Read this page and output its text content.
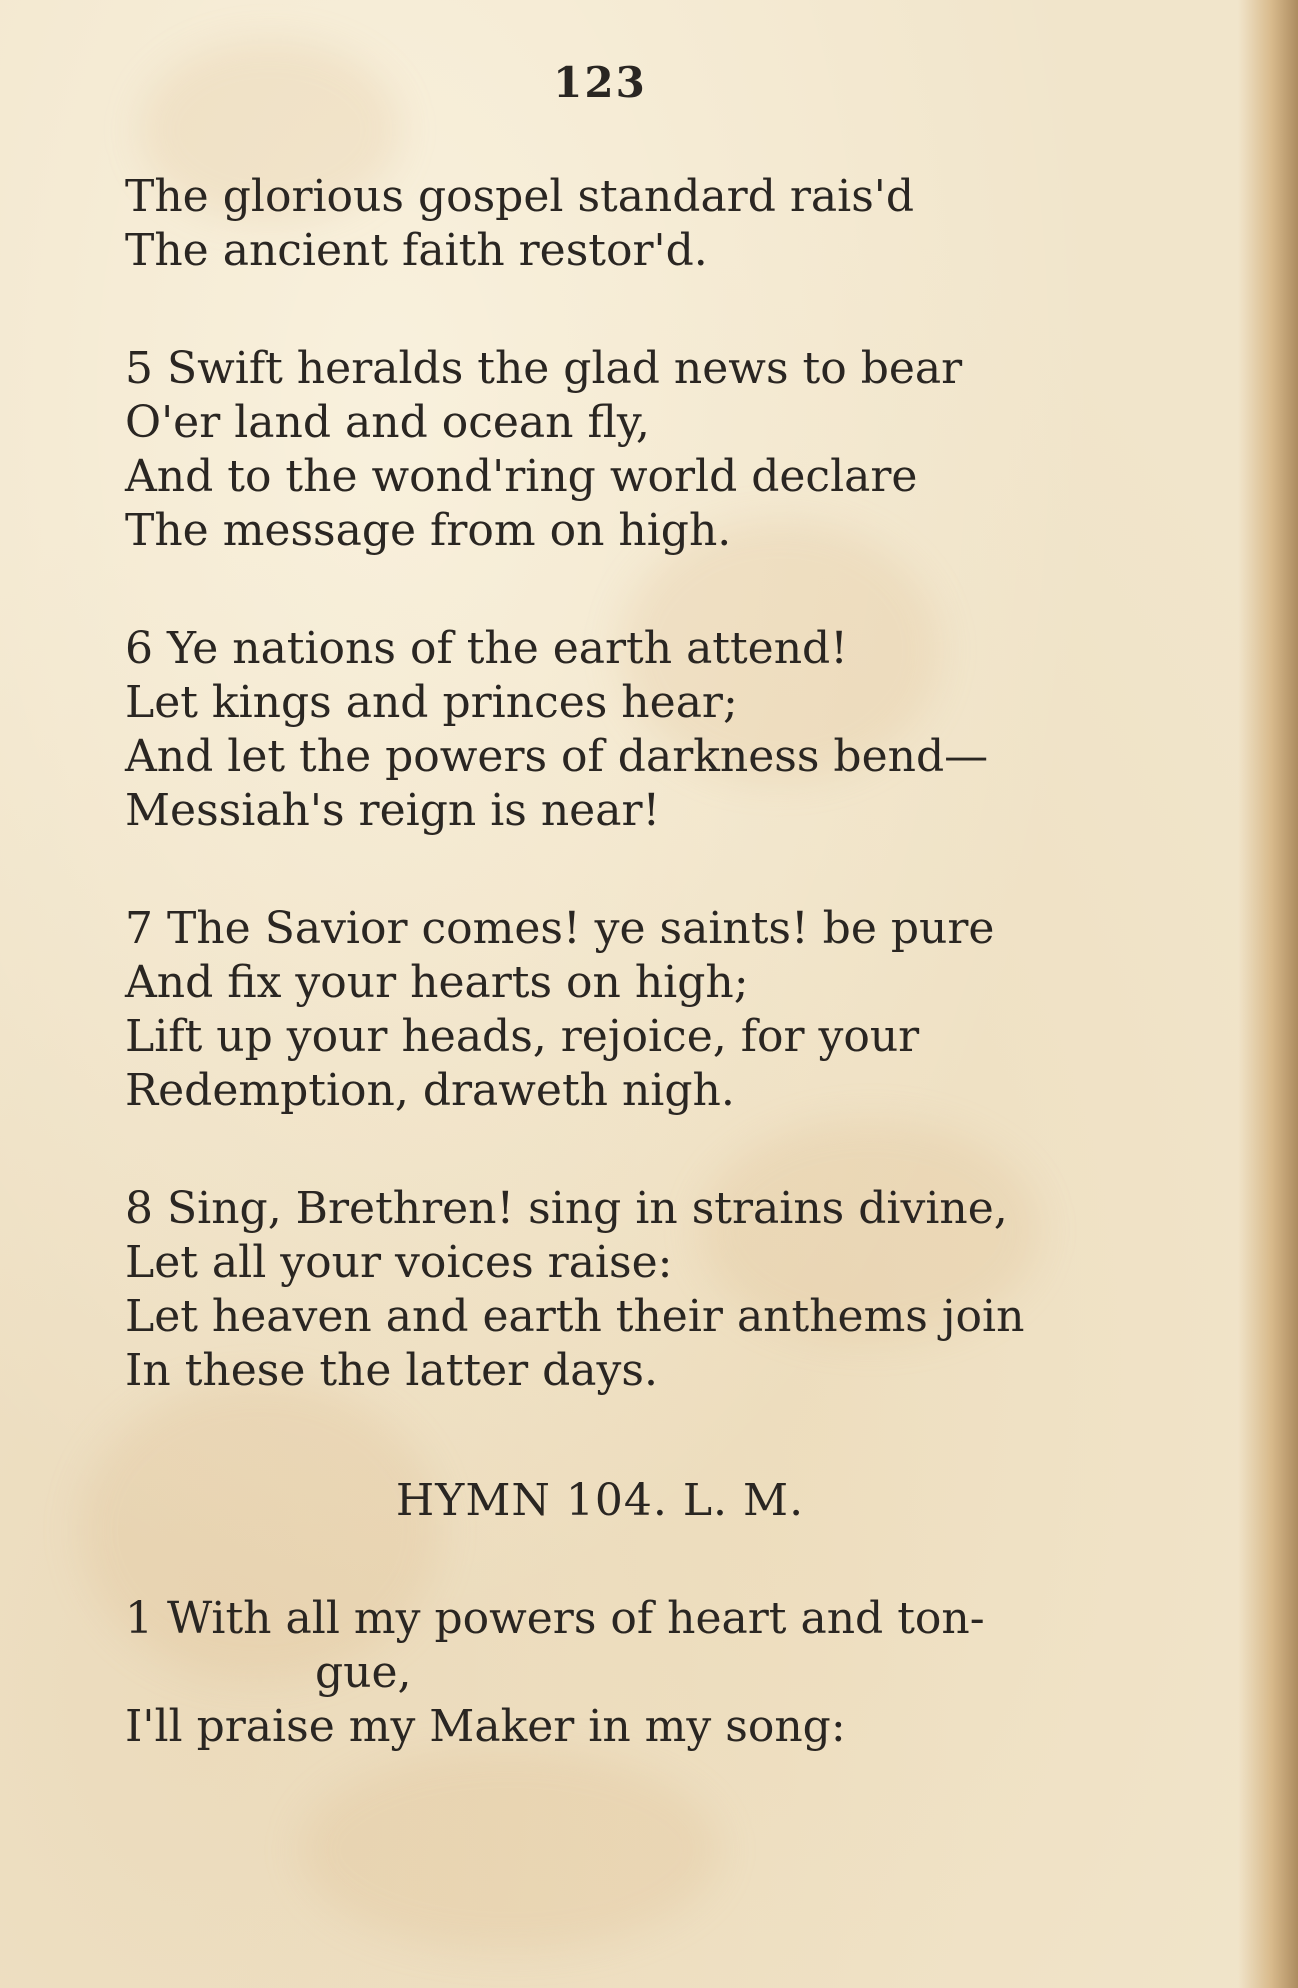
123
The glorious gospel standard rais'd
The ancient faith restor'd.
5 Swift heralds the glad news to bear
O'er land and ocean fly,
And to the wond'ring world declare
The message from on high.
6 Ye nations of the earth attend!
Let kings and princes hear;
And let the powers of darkness bend—
Messiah's reign is near!
7 The Savior comes! ye saints! be pure
And fix your hearts on high;
Lift up your heads, rejoice, for your
Redemption, draweth nigh.
8 Sing, Brethren! sing in strains divine,
Let all your voices raise:
Let heaven and earth their anthems join
In these the latter days.
HYMN 104. L. M.
1 With all my powers of heart and ton-
gue,
I'll praise my Maker in my song:
